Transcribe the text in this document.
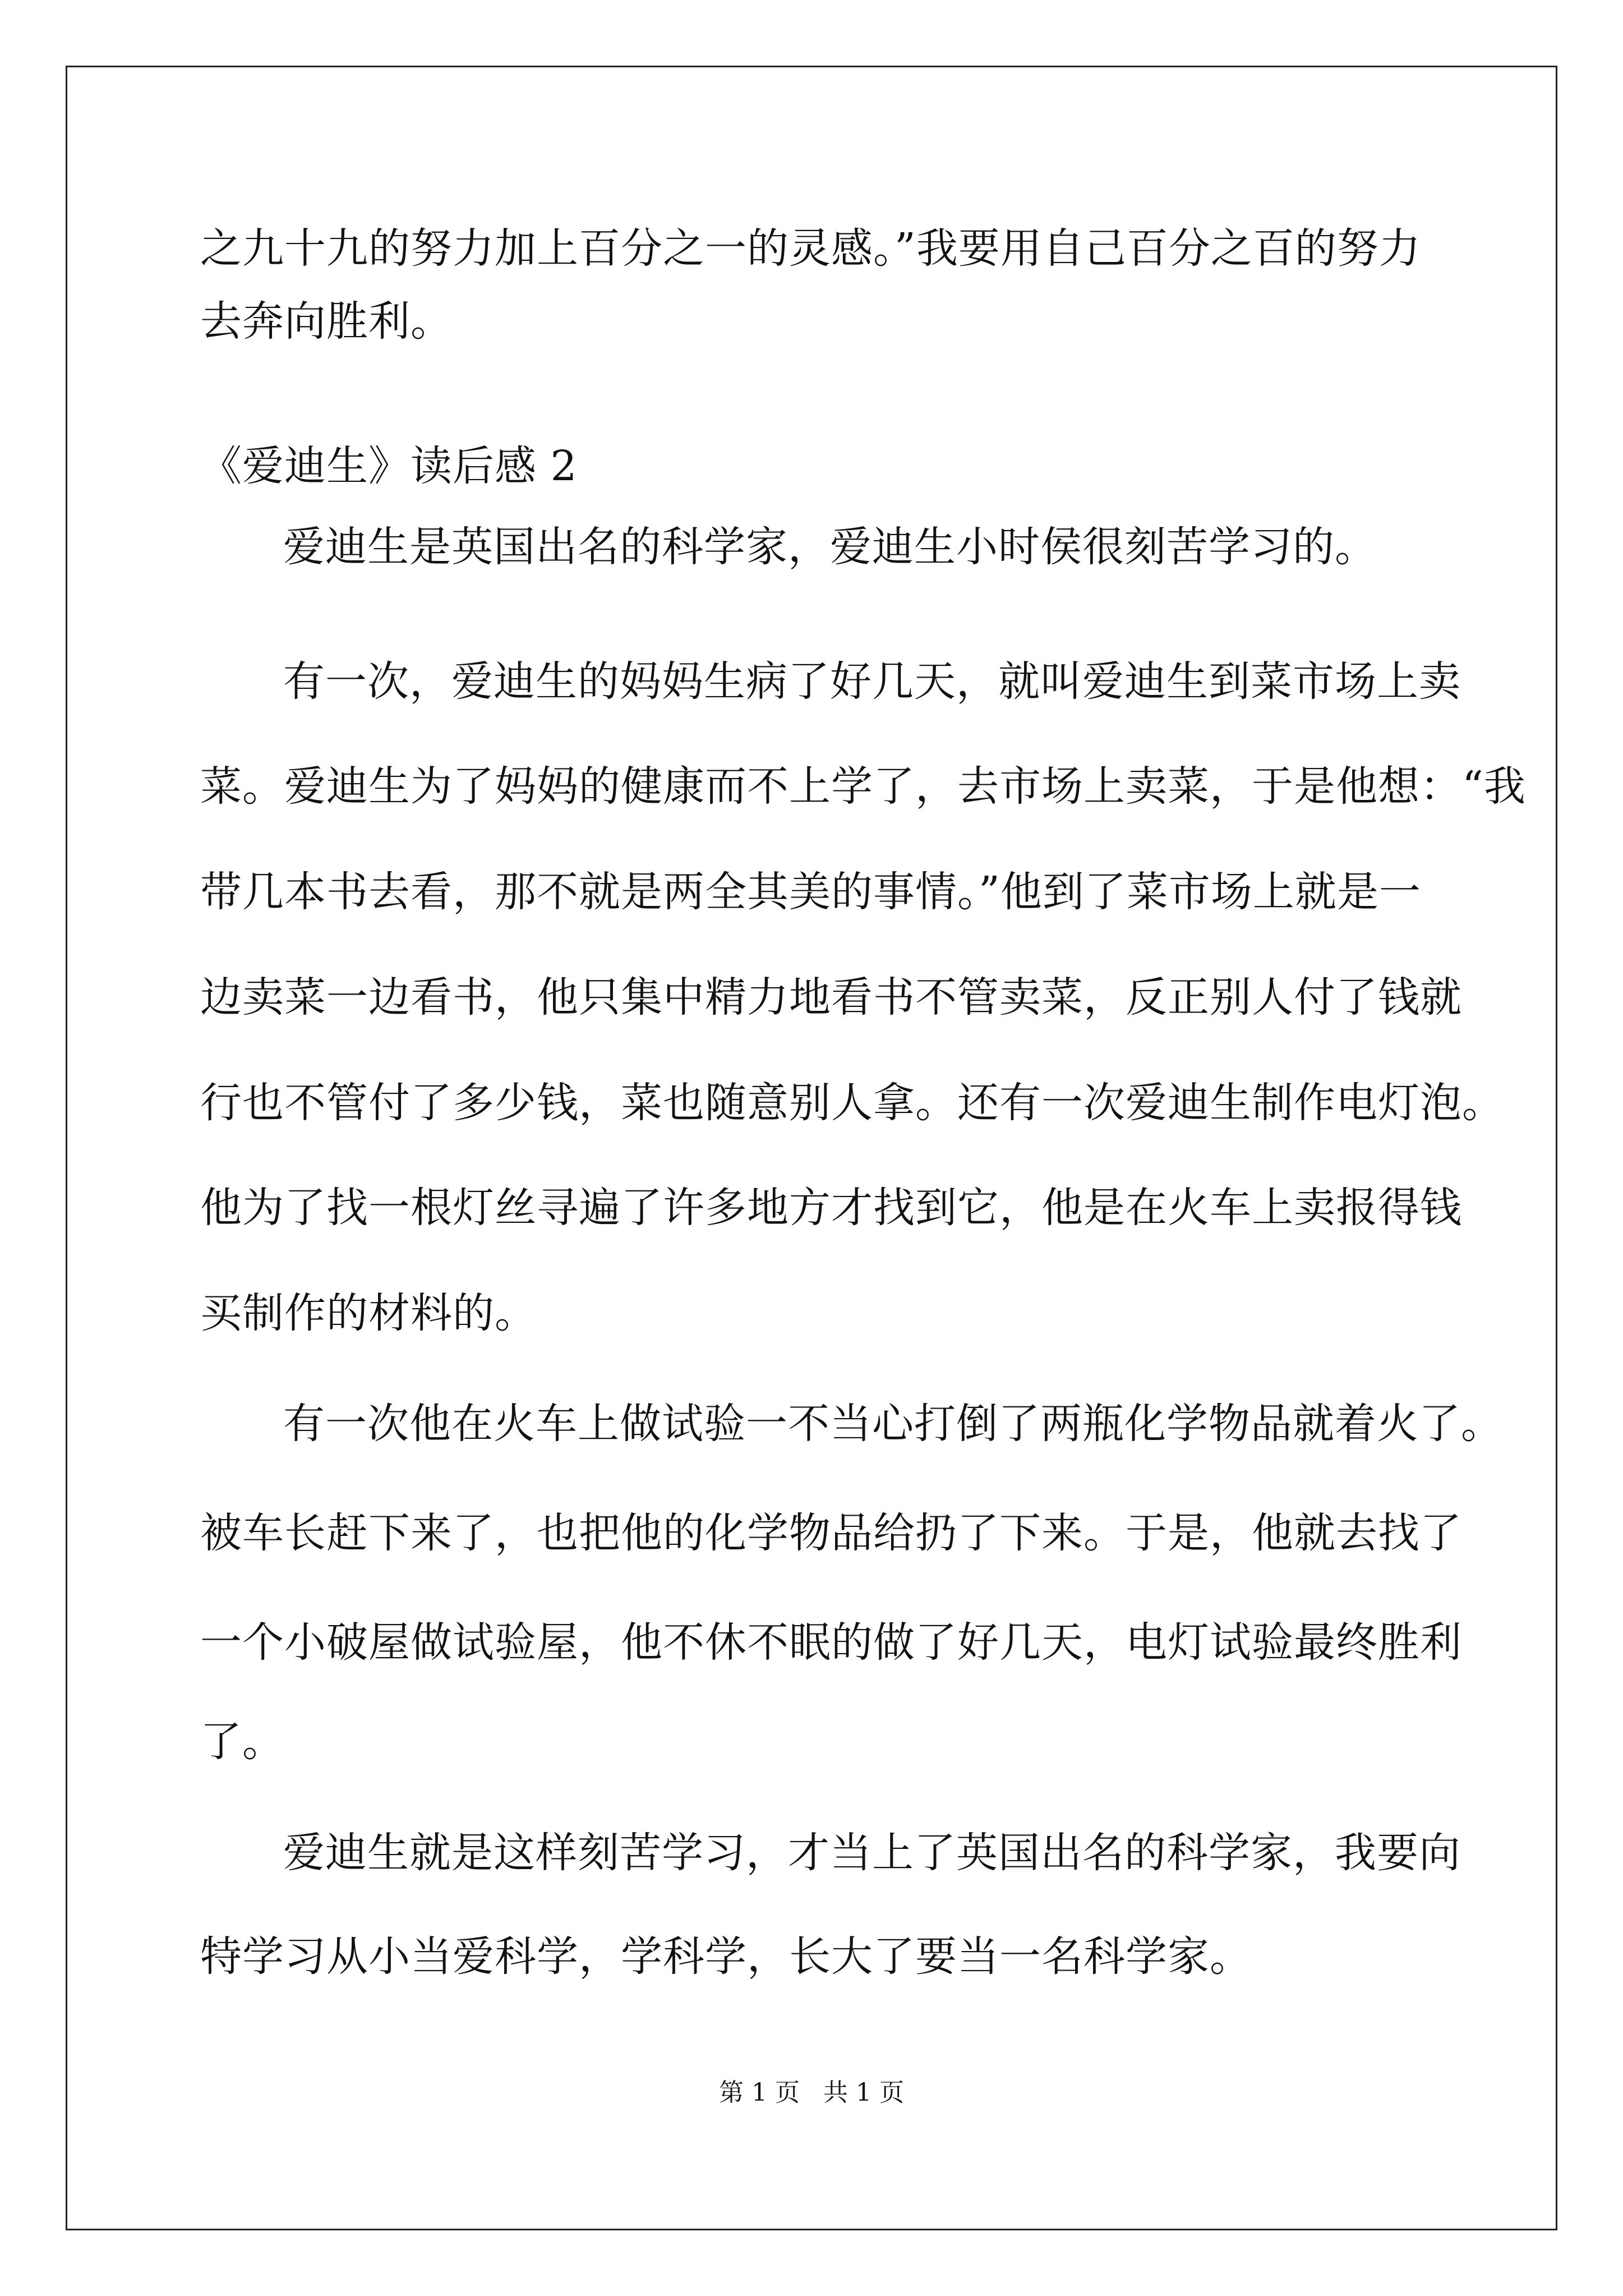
之九十九的努力加上百分之一的灵感。”我要用自己百分之百的努力
去奔向胜利。
《爱迪生》读后感 2
爱迪生是英国出名的科学家，爱迪生小时侯很刻苦学习的。
有一次，爱迪生的妈妈生病了好几天，就叫爱迪生到菜市场上卖
菜。爱迪生为了妈妈的健康而不上学了，去市场上卖菜，于是他想：“我
带几本书去看，那不就是两全其美的事情。”他到了菜市场上就是一
边卖菜一边看书，他只集中精力地看书不管卖菜，反正别人付了钱就
行也不管付了多少钱，菜也随意别人拿。还有一次爱迪生制作电灯泡。
他为了找一根灯丝寻遍了许多地方才找到它，他是在火车上卖报得钱
买制作的材料的。
有一次他在火车上做试验一不当心打倒了两瓶化学物品就着火了。
被车长赶下来了，也把他的化学物品给扔了下来。于是，他就去找了
一个小破屋做试验屋，他不休不眠的做了好几天，电灯试验最终胜利
了。
爱迪生就是这样刻苦学习，才当上了英国出名的科学家，我要向
特学习从小当爱科学，学科学，长大了要当一名科学家。
第 1 页   共 1 页
